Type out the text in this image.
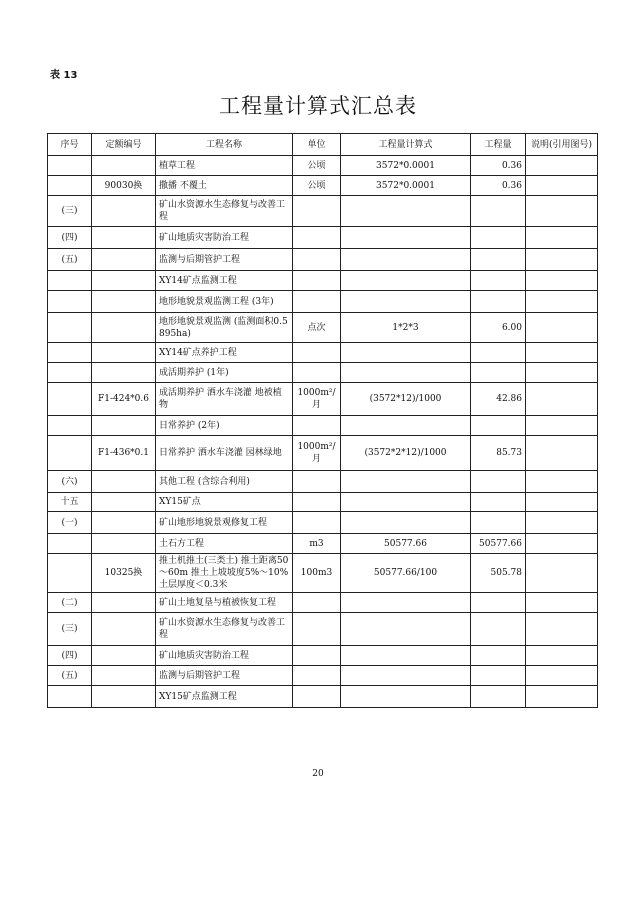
表 13
工程量计算式汇总表
序号	定额编号	工程名称	单位	工程量计算式	工程量	说明(引用图号)
		植草工程	公顷	3572*0.0001	0.36	
	90030换	撒播 不覆土	公顷	3572*0.0001	0.36	
(三)		矿山水资源水生态修复与改善工程				
(四)		矿山地质灾害防治工程				
(五)		监测与后期管护工程				
		XY14矿点监测工程				
		地形地貌景观监测工程 (3年)				
		地形地貌景观监测 (监测面积0.5895ha)	点次	1*2*3	6.00	
		XY14矿点养护工程				
		成活期养护 (1年)				
	F1-424*0.6	成活期养护 洒水车浇灌 地被植物	1000m²/月	(3572*12)/1000	42.86	
		日常养护 (2年)				
	F1-436*0.1	日常养护 洒水车浇灌 园林绿地	1000m²/月	(3572*2*12)/1000	85.73	
(六)		其他工程 (含综合利用)				
十五		XY15矿点				
(一)		矿山地形地貌景观修复工程				
		土石方工程	m3	50577.66	50577.66	
	10325换	推土机推土(三类土) 推土距离50～60m 推土上坡坡度5%～10% 土层厚度＜0.3米	100m3	50577.66/100	505.78	
(二)		矿山土地复垦与植被恢复工程				
(三)		矿山水资源水生态修复与改善工程				
(四)		矿山地质灾害防治工程				
(五)		监测与后期管护工程				
		XY15矿点监测工程				
20
